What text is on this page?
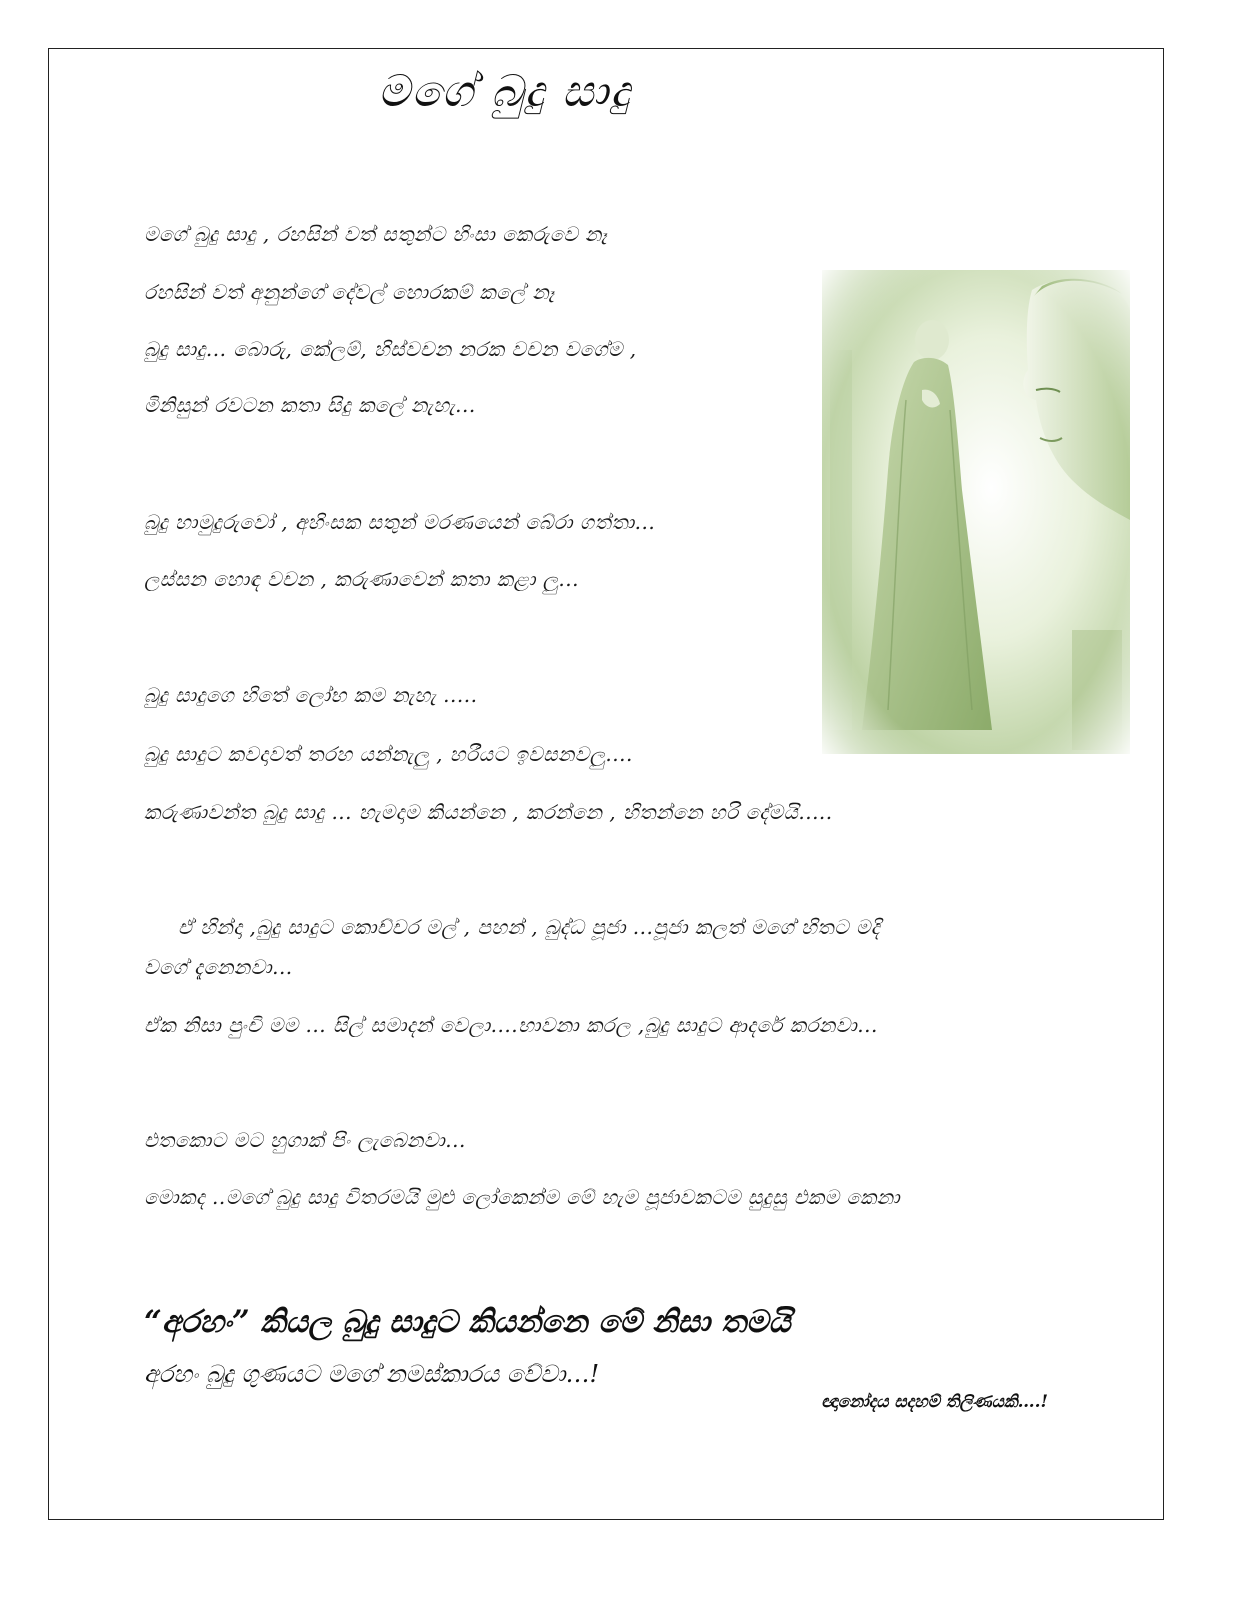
මගේ බුදු සාදු
මගේ බුදු සාදු , රහසින් වත් සතුන්ට හිංසා කෙරුවෙ නෑ
රහසින් වත් අනුන්ගේ දේවල් හොරකම් කලේ නෑ
බුදු සාදු... බොරු, කේලම්, හිස්වචන නරක වචන වගේම ,
මිනිසුන් රවටන කතා සිදු කලේ නැහැ...
බුදු හාමුදුරුවෝ , අහිංසක සතුන් මරණයෙන් බේරා ගත්තා...
ලස්සන හොඳ වචන , කරුණාවෙන් කතා කළා ලු...
බුදු සාදුගෙ හිතේ ලෝභ කම නැහැ .....
බුදු සාදුට කවදාවත් තරහ යන්නැලු , හරීයට ඉවසනවලු....
කරුණාවන්ත බුදු සාදු ... හැමදාම කියන්නෙ , කරන්නෙ , හිතන්නෙ හරි දේමයි.....
ඒ හින්දා ,බුදු සාදුට කොච්චර මල් , පහන් , බුද්ධ පූජා ...පූජා කලත් මගේ හිතට මදි
වගේ දැනෙනවා...
ඒක නිසා පුංචි මම ... සිල් සමාදන් වෙලා....භාවනා කරල ,බුදු සාදුට ආදරේ කරනවා...
එතකොට මට හුගාක් පිං ලැබෙනවා...
මොකද ..මගේ බුදු සාදු විතරමයි මුළු ලෝකෙන්ම මේ හැම පූජාවකටම සුදුසු එකම කෙනා
“අරහං” කියල බුදු සාදුට කියන්නෙ මේ නිසා තමයි
අරහං බුදු ගුණයට මගේ නමස්කාරය වේවා…!
ඥානෝදය සදහම් තිලිණයකි….!
